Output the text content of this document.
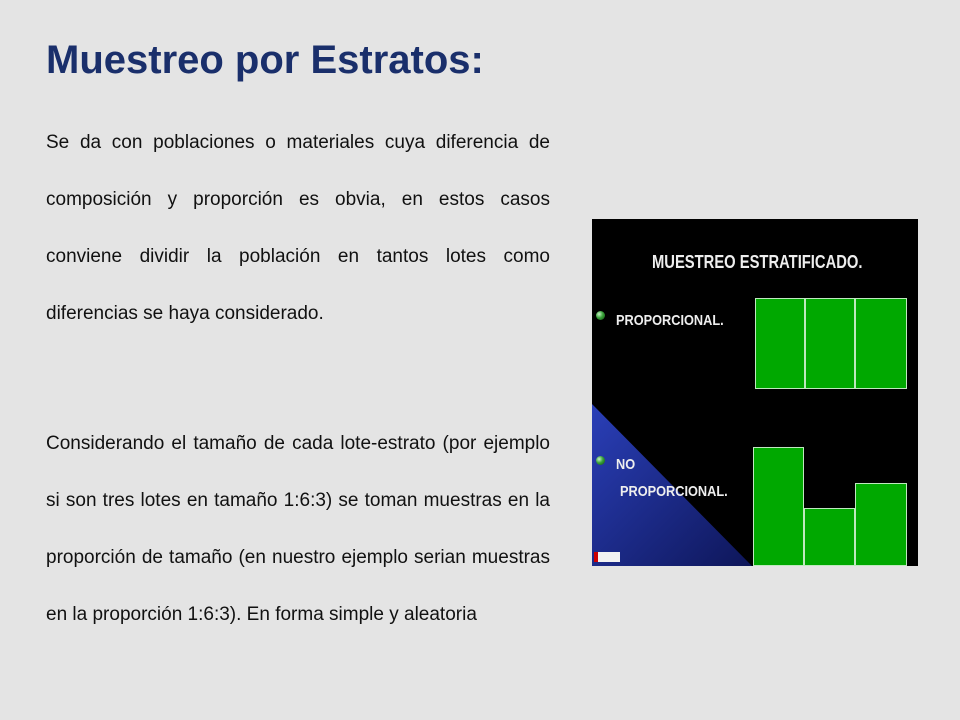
Muestreo por Estratos:

Se da con poblaciones o materiales cuya diferencia de composición y proporción es obvia, en estos casos conviene dividir la población en tantos lotes como diferencias se haya considerado.

Considerando el tamaño de cada lote-estrato (por ejemplo si son tres lotes en tamaño 1:6:3) se toman muestras en la proporción de tamaño (en nuestro ejemplo serian muestras en la proporción 1:6:3). En forma simple y aleatoria

MUESTREO ESTRATIFICADO.
PROPORCIONAL.
NO
PROPORCIONAL.
